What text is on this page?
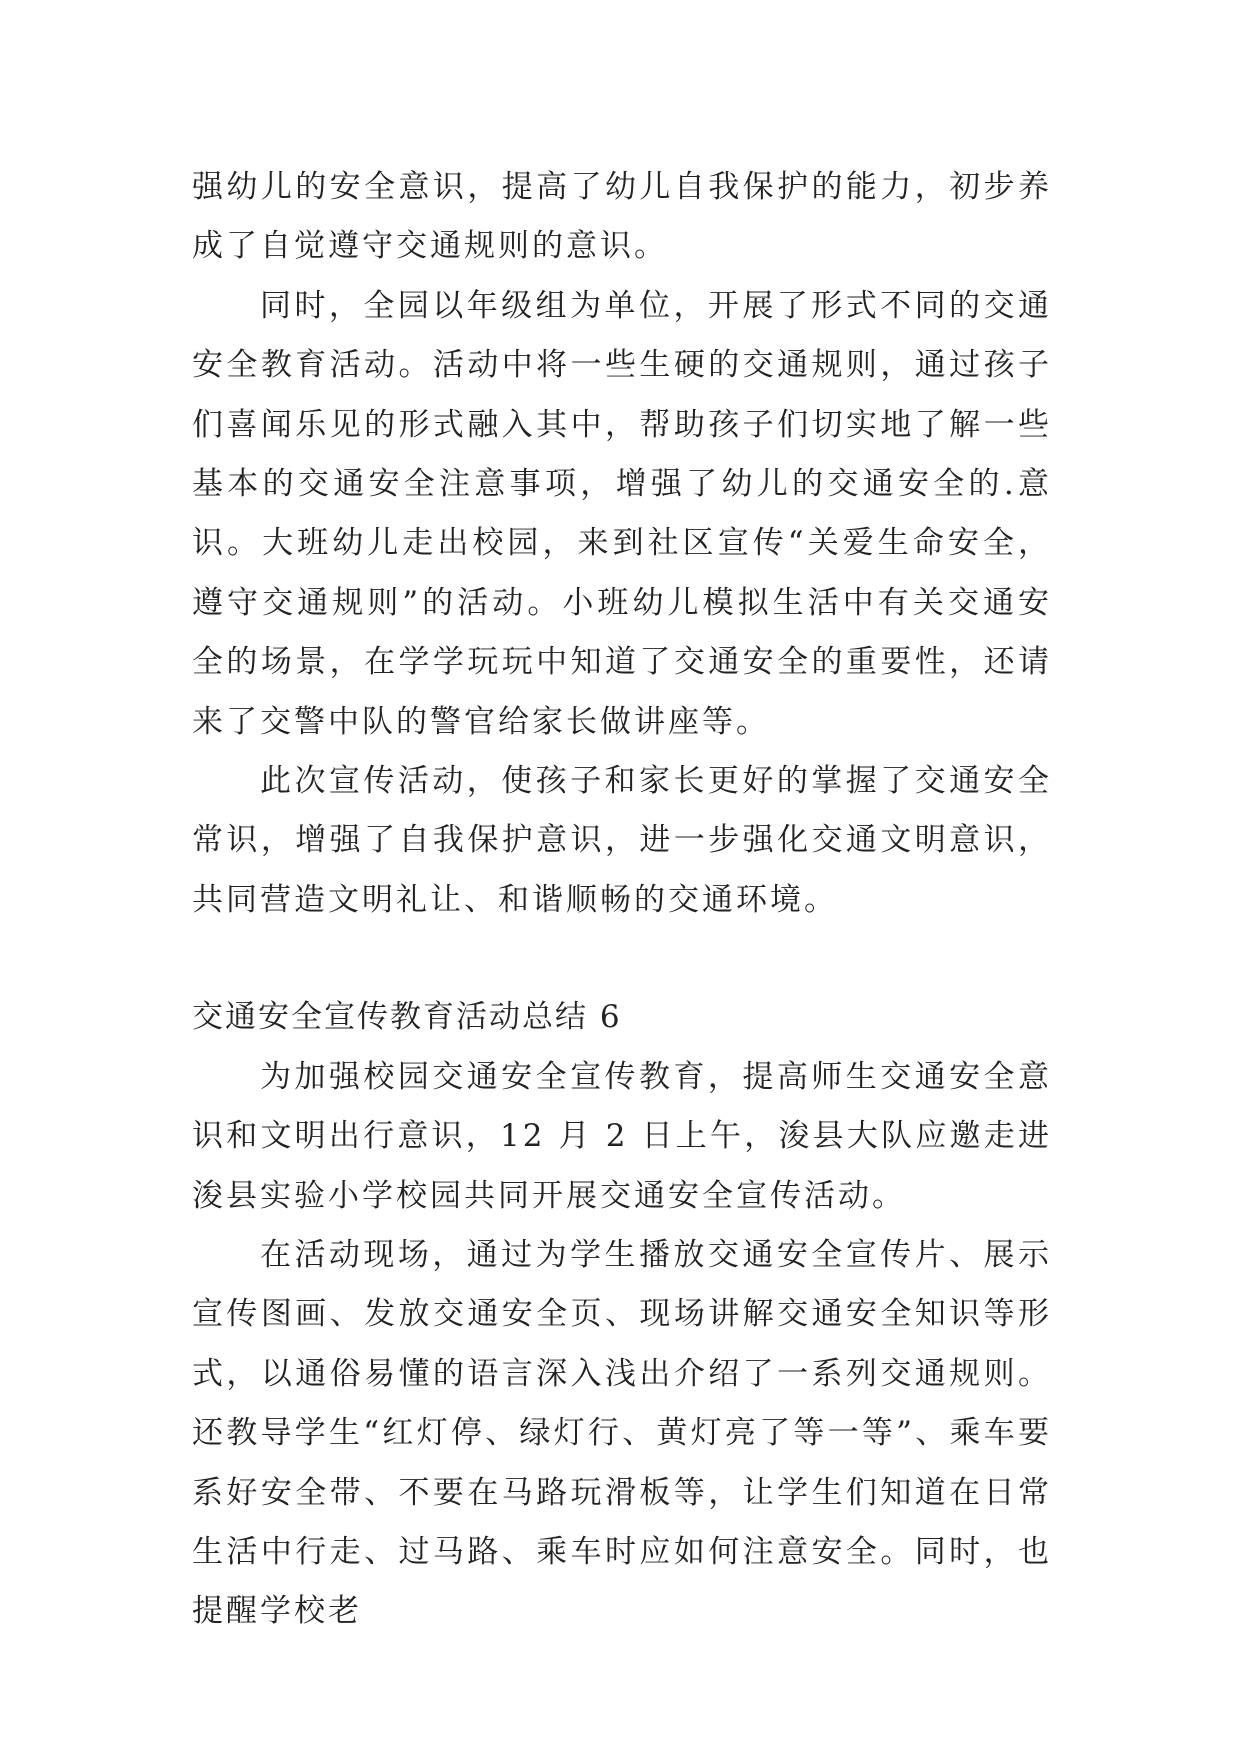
强幼儿的安全意识，提高了幼儿自我保护的能力，初步养成了自觉遵守交通规则的意识。

同时，全园以年级组为单位，开展了形式不同的交通安全教育活动。活动中将一些生硬的交通规则，通过孩子们喜闻乐见的形式融入其中，帮助孩子们切实地了解一些基本的交通安全注意事项，增强了幼儿的交通安全的.意识。大班幼儿走出校园，来到社区宣传“关爱生命安全，遵守交通规则”的活动。小班幼儿模拟生活中有关交通安全的场景，在学学玩玩中知道了交通安全的重要性，还请来了交警中队的警官给家长做讲座等。

此次宣传活动，使孩子和家长更好的掌握了交通安全常识，增强了自我保护意识，进一步强化交通文明意识，共同营造文明礼让、和谐顺畅的交通环境。

交通安全宣传教育活动总结 6

为加强校园交通安全宣传教育，提高师生交通安全意识和文明出行意识，12 月 2 日上午，浚县大队应邀走进浚县实验小学校园共同开展交通安全宣传活动。

在活动现场，通过为学生播放交通安全宣传片、展示宣传图画、发放交通安全页、现场讲解交通安全知识等形式，以通俗易懂的语言深入浅出介绍了一系列交通规则。还教导学生“红灯停、绿灯行、黄灯亮了等一等”、乘车要系好安全带、不要在马路玩滑板等，让学生们知道在日常生活中行走、过马路、乘车时应如何注意安全。同时，也提醒学校老
